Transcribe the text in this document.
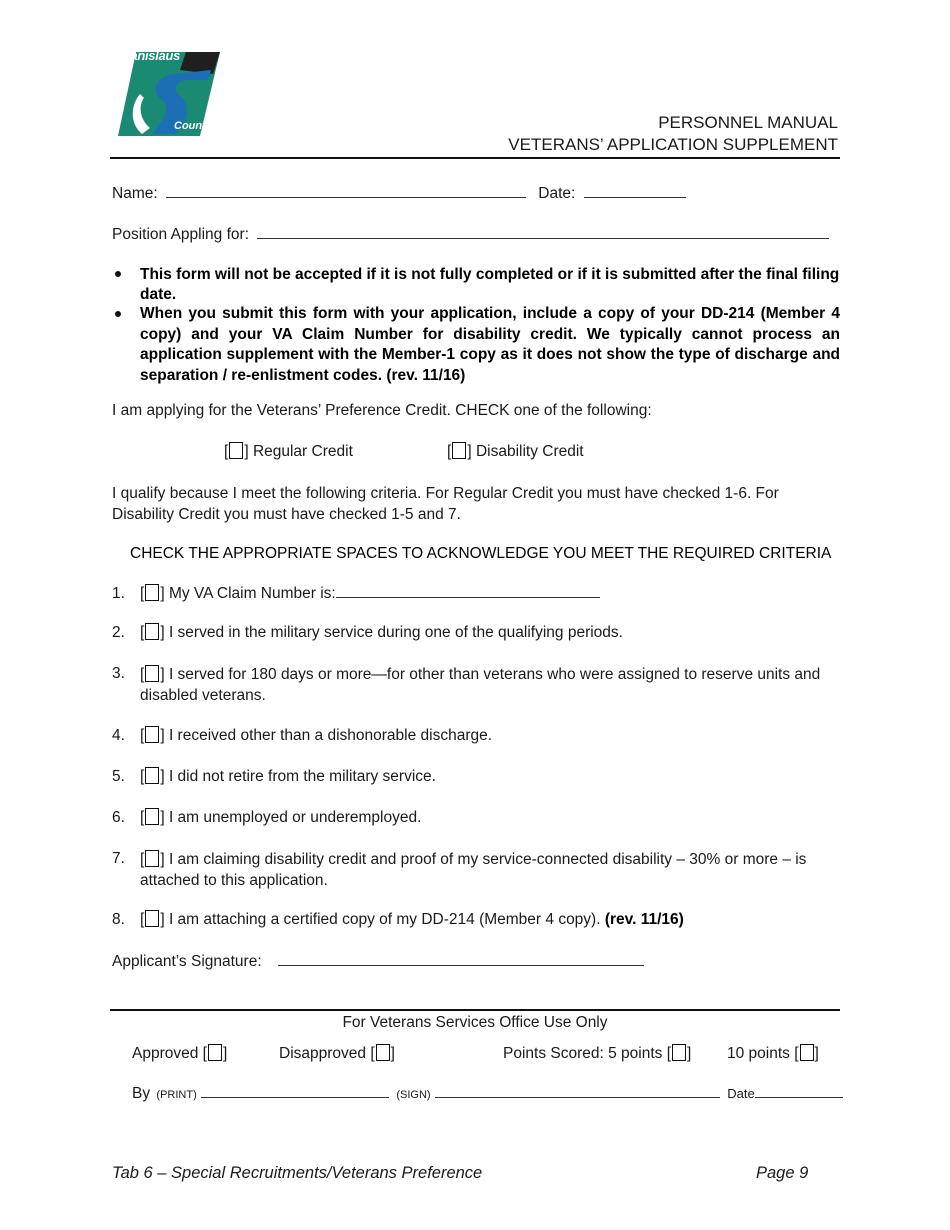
Stanislaus
County	PERSONNEL MANUAL
VETERANS’ APPLICATION SUPPLEMENT
Name:	Date:
Position Appling for:
This form will not be accepted if it is not fully completed or if it is submitted after the final filing date.
When you submit this form with your application, include a copy of your DD-214 (Member 4 copy) and your VA Claim Number for disability credit. We typically cannot process an application supplement with the Member-1 copy as it does not show the type of discharge and separation / re-enlistment codes. (rev. 11/16)
I am applying for the Veterans’ Preference Credit. CHECK one of the following:
[ ] Regular Credit	[ ] Disability Credit
I qualify because I meet the following criteria. For Regular Credit you must have checked 1-6. For Disability Credit you must have checked 1-5 and 7.
CHECK THE APPROPRIATE SPACES TO ACKNOWLEDGE YOU MEET THE REQUIRED CRITERIA
1. [ ] My VA Claim Number is:
2. [ ] I served in the military service during one of the qualifying periods.
3. [ ] I served for 180 days or more—for other than veterans who were assigned to reserve units and disabled veterans.
4. [ ] I received other than a dishonorable discharge.
5. [ ] I did not retire from the military service.
6. [ ] I am unemployed or underemployed.
7. [ ] I am claiming disability credit and proof of my service-connected disability – 30% or more – is attached to this application.
8. [ ] I am attaching a certified copy of my DD-214 (Member 4 copy). (rev. 11/16)
Applicant’s Signature:
For Veterans Services Office Use Only
Approved [ ]	Disapproved [ ]	Points Scored: 5 points [ ] 10 points [ ]
By (PRINT)	(SIGN)	Date
Tab 6 – Special Recruitments/Veterans Preference	Page 9
